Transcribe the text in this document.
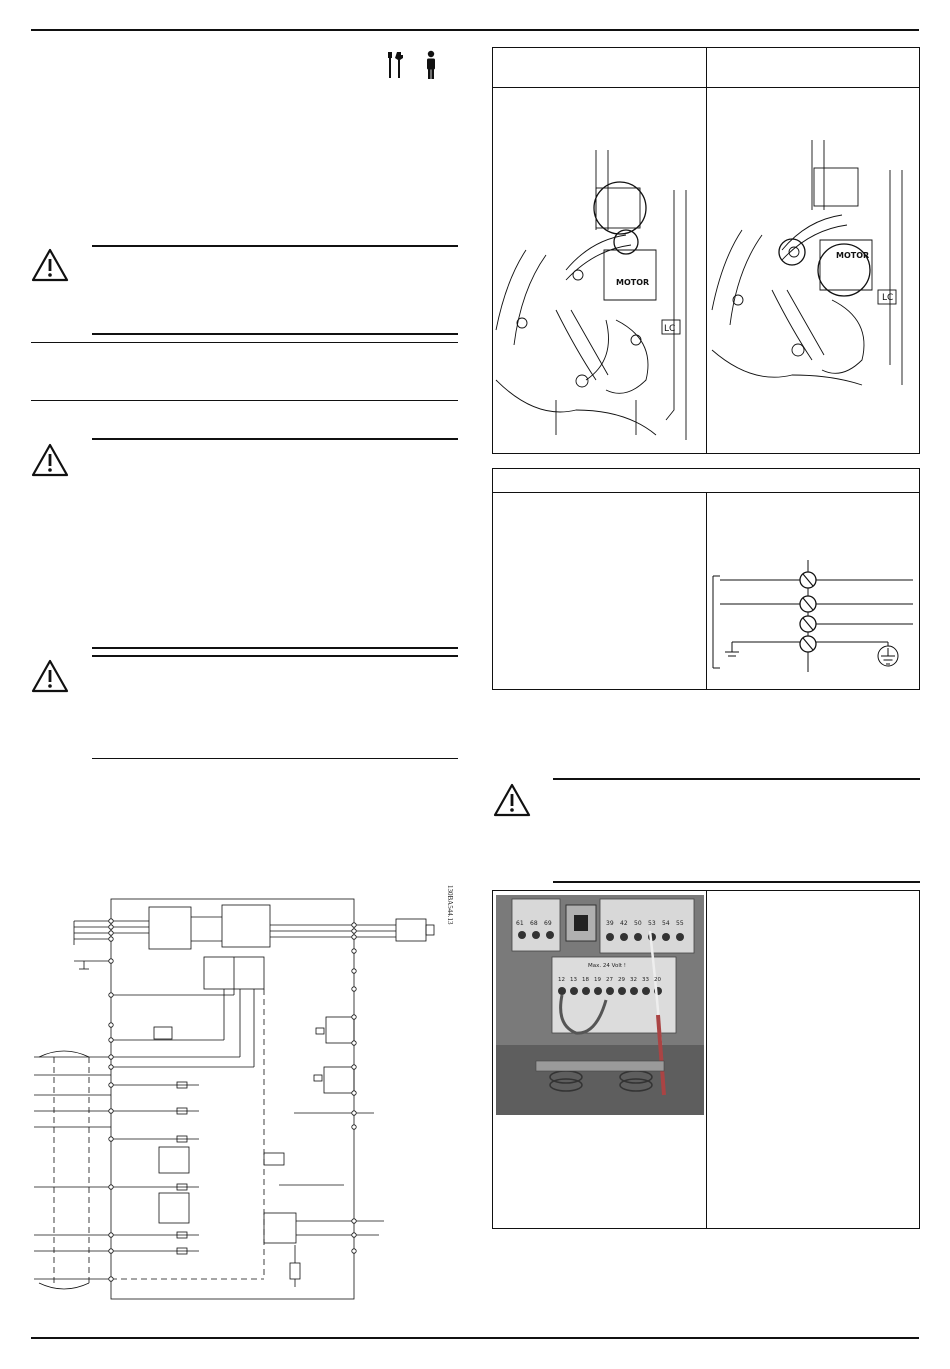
130BA544.13
MOTOR
LC
MOTOR
LC
61 68 69	39 42 50 53 54 55
Max. 24 Volt !
12 13 18 19 27 29 32 33 20
